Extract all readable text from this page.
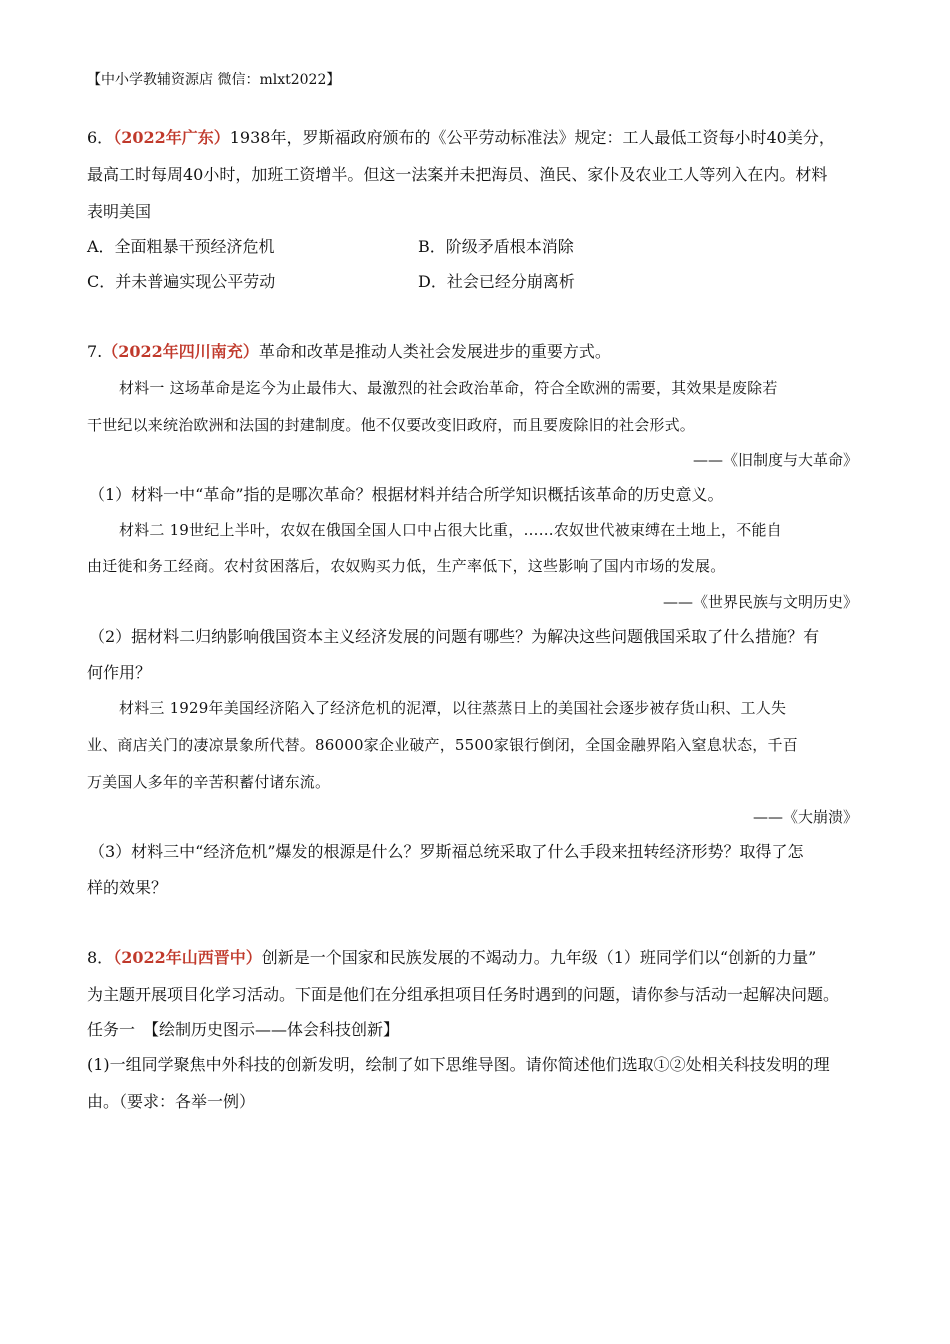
【中小学教辅资源店 微信：mlxt2022】
6．（2022年广东）1938年，罗斯福政府颁布的《公平劳动标准法》规定：工人最低工资每小时40美分，
最高工时每周40小时，加班工资增半。但这一法案并未把海员、渔民、家仆及农业工人等列入在内。材料
表明美国
A．全面粗暴干预经济危机	B．阶级矛盾根本消除
C．并未普遍实现公平劳动	D．社会已经分崩离析
7.（2022年四川南充）革命和改革是推动人类社会发展进步的重要方式。
材料一 这场革命是迄今为止最伟大、最激烈的社会政治革命，符合全欧洲的需要，其效果是废除若
干世纪以来统治欧洲和法国的封建制度。他不仅要改变旧政府，而且要废除旧的社会形式。
——《旧制度与大革命》
（1）材料一中“革命”指的是哪次革命？根据材料并结合所学知识概括该革命的历史意义。
材料二 19世纪上半叶，农奴在俄国全国人口中占很大比重，……农奴世代被束缚在土地上，不能自
由迁徙和务工经商。农村贫困落后，农奴购买力低，生产率低下，这些影响了国内市场的发展。
——《世界民族与文明历史》
（2）据材料二归纳影响俄国资本主义经济发展的问题有哪些？为解决这些问题俄国采取了什么措施？有
何作用？
材料三 1929年美国经济陷入了经济危机的泥潭，以往蒸蒸日上的美国社会逐步被存货山积、工人失
业、商店关门的凄凉景象所代替。86000家企业破产，5500家银行倒闭，全国金融界陷入窒息状态，千百
万美国人多年的辛苦积蓄付诸东流。
——《大崩溃》
（3）材料三中“经济危机”爆发的根源是什么？罗斯福总统采取了什么手段来扭转经济形势？取得了怎
样的效果？
8．（2022年山西晋中）创新是一个国家和民族发展的不竭动力。九年级（1）班同学们以“创新的力量”
为主题开展项目化学习活动。下面是他们在分组承担项目任务时遇到的问题，请你参与活动一起解决问题。
任务一　【绘制历史图示——体会科技创新】
(1)一组同学聚焦中外科技的创新发明，绘制了如下思维导图。请你简述他们选取①②处相关科技发明的理
由。（要求：各举一例）
